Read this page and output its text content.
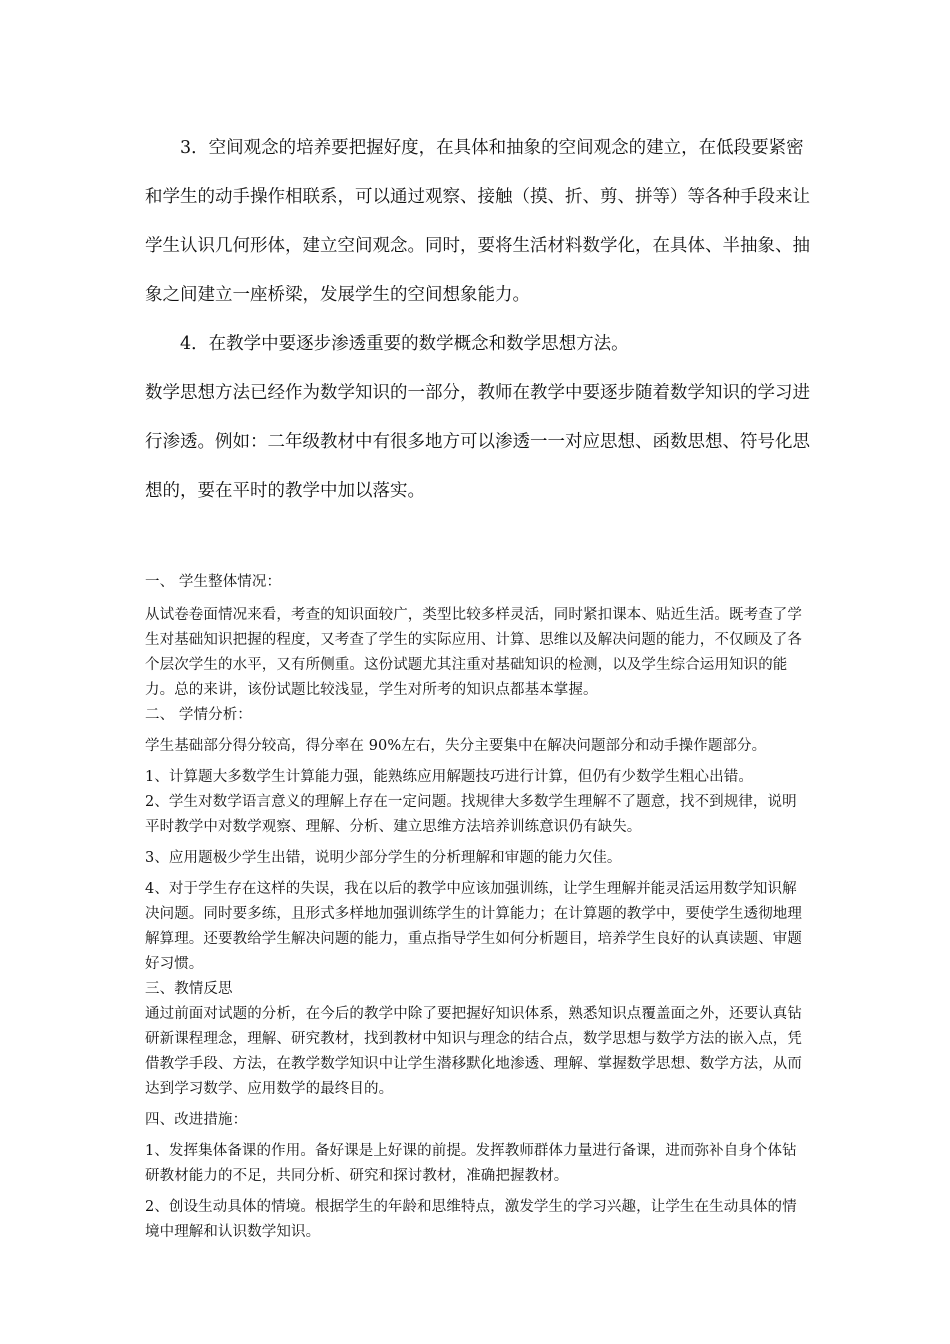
3．空间观念的培养要把握好度，在具体和抽象的空间观念的建立，在低段要紧密和学生的动手操作相联系，可以通过观察、接触（摸、折、剪、拼等）等各种手段来让学生认识几何形体，建立空间观念。同时，要将生活材料数学化，在具体、半抽象、抽象之间建立一座桥梁，发展学生的空间想象能力。

4．在教学中要逐步渗透重要的数学概念和数学思想方法。

数学思想方法已经作为数学知识的一部分，教师在教学中要逐步随着数学知识的学习进行渗透。例如：二年级教材中有很多地方可以渗透一一对应思想、函数思想、符号化思想的，要在平时的教学中加以落实。

一、 学生整体情况：

从试卷卷面情况来看，考查的知识面较广，类型比较多样灵活，同时紧扣课本、贴近生活。既考查了学生对基础知识把握的程度，又考查了学生的实际应用、计算、思维以及解决问题的能力，不仅顾及了各个层次学生的水平，又有所侧重。这份试题尤其注重对基础知识的检测，以及学生综合运用知识的能力。总的来讲，该份试题比较浅显，学生对所考的知识点都基本掌握。

二、 学情分析：

学生基础部分得分较高，得分率在 90%左右，失分主要集中在解决问题部分和动手操作题部分。

1、计算题大多数学生计算能力强，能熟练应用解题技巧进行计算，但仍有少数学生粗心出错。

2、学生对数学语言意义的理解上存在一定问题。找规律大多数学生理解不了题意，找不到规律，说明平时教学中对数学观察、理解、分析、建立思维方法培养训练意识仍有缺失。

3、应用题极少学生出错，说明少部分学生的分析理解和审题的能力欠佳。

4、对于学生存在这样的失误，我在以后的教学中应该加强训练，让学生理解并能灵活运用数学知识解决问题。同时要多练，且形式多样地加强训练学生的计算能力；在计算题的教学中，要使学生透彻地理解算理。还要教给学生解决问题的能力，重点指导学生如何分析题目，培养学生良好的认真读题、审题好习惯。

三、教情反思

通过前面对试题的分析，在今后的教学中除了要把握好知识体系，熟悉知识点覆盖面之外，还要认真钻研新课程理念，理解、研究教材，找到教材中知识与理念的结合点，数学思想与数学方法的嵌入点，凭借教学手段、方法，在教学数学知识中让学生潜移默化地渗透、理解、掌握数学思想、数学方法，从而达到学习数学、应用数学的最终目的。

四、改进措施：

1、发挥集体备课的作用。备好课是上好课的前提。发挥教师群体力量进行备课，进而弥补自身个体钻研教材能力的不足，共同分析、研究和探讨教材，准确把握教材。

2、创设生动具体的情境。根据学生的年龄和思维特点，激发学生的学习兴趣，让学生在生动具体的情境中理解和认识数学知识。
